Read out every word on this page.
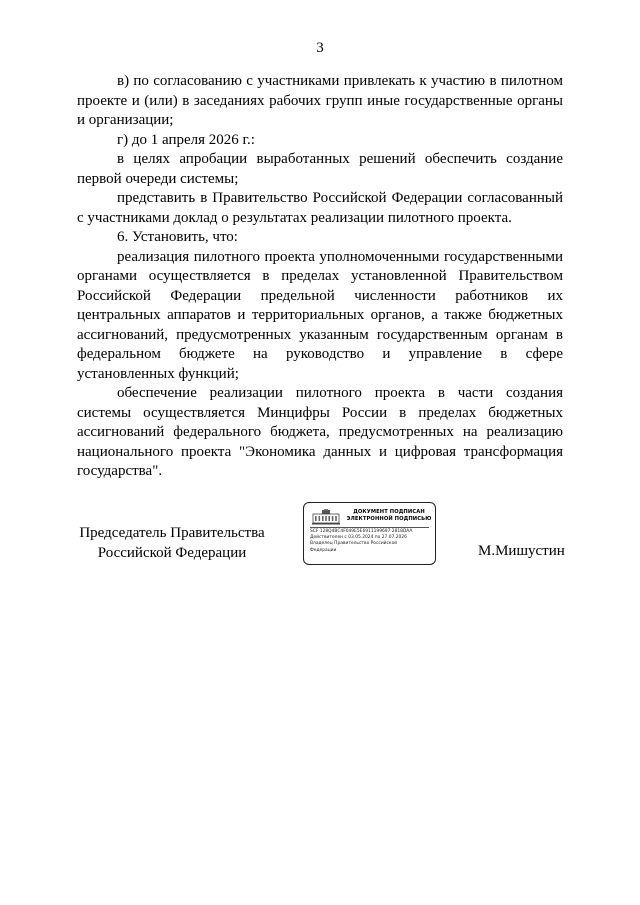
3

в) по согласованию с участниками привлекать к участию в пилотном проекте и (или) в заседаниях рабочих групп иные государственные органы и организации;

г) до 1 апреля 2026 г.:

в целях апробации выработанных решений обеспечить создание первой очереди системы;

представить в Правительство Российской Федерации согласованный с участниками доклад о результатах реализации пилотного проекта.

6. Установить, что:

реализация пилотного проекта уполномоченными государственными органами осуществляется в пределах установленной Правительством Российской Федерации предельной численности работников их центральных аппаратов и территориальных органов, а также бюджетных ассигнований, предусмотренных указанным государственным органам в федеральном бюджете на руководство и управление в сфере установленных функций;

обеспечение реализации пилотного проекта в части создания системы осуществляется Минцифры России в пределах бюджетных ассигнований федерального бюджета, предусмотренных на реализацию национального проекта "Экономика данных и цифровая трансформация государства".

Председатель Правительства
Российской Федерации
ДОКУМЕНТ ПОДПИСАН
ЭЛЕКТРОННОЙ ПОДПИСЬЮ
SCF 128Q4BC4F049E5E6911199697 2818DAA
Действителен с 03.05.2024 по 27.07.2026
Владелец Правительство Российской
Федерации	М.Мишустин
